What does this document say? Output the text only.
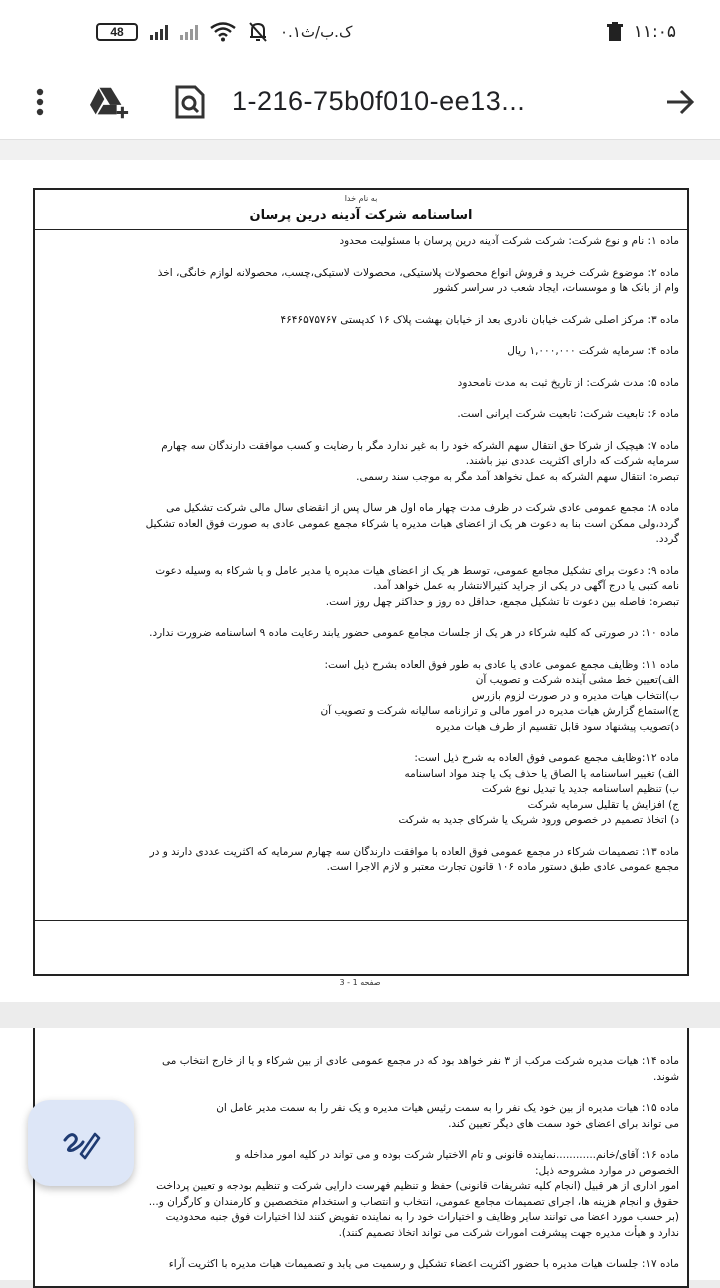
48	۰.۱ک.ب/ث	۱۱:۰۵
1-216-75b0f010-ee13...
به نام خدا
اساسنامه شرکت آدینه درین پرسان
ماده ۱: نام و نوع شرکت: شرکت شرکت آدینه درین پرسان با مسئولیت محدود
ماده ۲: موضوع شرکت خرید و فروش انواع محصولات پلاستیکی، محصولات لاستیکی،چسب، محصولانه لوازم خانگی، اخذ
وام از بانک ها و موسسات، ایجاد شعب در سراسر کشور
ماده ۳: مرکز اصلی شرکت خیابان نادری بعد از خیابان بهشت پلاک ۱۶ کدپستی ۴۶۴۶۵۷۵۷۶۷
ماده ۴: سرمایه شرکت ۱,۰۰۰,۰۰۰ ریال
ماده ۵: مدت شرکت: از تاریخ ثبت به مدت نامحدود
ماده ۶: تابعیت شرکت: تابعیت شرکت ایرانی است.
ماده ۷: هیچیک از شرکا حق انتقال سهم الشرکه خود را به غیر ندارد مگر با رضایت و کسب موافقت دارندگان سه چهارم
سرمایه شرکت که دارای اکثریت عددی نیز باشند.
تبصره: انتقال سهم الشرکه به عمل نخواهد آمد مگر به موجب سند رسمی.
ماده ۸: مجمع عمومی عادی شرکت در ظرف مدت چهار ماه اول هر سال پس از انقضای سال مالی شرکت تشکیل می
گردد،ولی ممکن است بنا به دعوت هر یک از اعضای هیات مدیره یا شرکاء مجمع عمومی عادی به صورت فوق العاده تشکیل
گردد.
ماده ۹: دعوت برای تشکیل مجامع عمومی، توسط هر یک از اعضای هیات مدیره یا مدیر عامل و یا شرکاء به وسیله دعوت
نامه کتبی یا درج آگهی در یکی از جراید کثیرالانتشار به عمل خواهد آمد.
تبصره: فاصله بین دعوت تا تشکیل مجمع، حداقل ده روز و حداکثر چهل روز است.
ماده ۱۰: در صورتی که کلیه شرکاء در هر یک از جلسات مجامع عمومی حضور یابند رعایت ماده ۹ اساسنامه ضرورت ندارد.
ماده ۱۱: وظایف مجمع عمومی عادی یا عادی به طور فوق العاده بشرح ذیل است:
الف)تعیین خط مشی آینده شرکت و تصویب آن
ب)انتخاب هیات مدیره و در صورت لزوم بازرس
ج)استماع گزارش هیات مدیره در امور مالی و ترازنامه سالیانه شرکت و تصویب آن
د)تصویب پیشنهاد سود قابل تقسیم از طرف هیات مدیره
ماده ۱۲:وظایف مجمع عمومی فوق العاده به شرح ذیل است:
الف) تغییر اساسنامه یا الصاق یا حذف یک یا چند مواد اساسنامه
ب) تنظیم اساسنامه جدید یا تبدیل نوع شرکت
ج) افزایش یا تقلیل سرمایه شرکت
د) اتخاذ تصمیم در خصوص ورود شریک یا شرکای جدید به شرکت
ماده ۱۳: تصمیمات شرکاء در مجمع عمومی فوق العاده با موافقت دارندگان سه چهارم سرمایه که اکثریت عددی دارند و در
مجمع عمومی عادی طبق دستور ماده ۱۰۶ قانون تجارت معتبر و لازم الاجرا است.
صفحه 1 - 3
ماده ۱۴: هیات مدیره شرکت مرکب از ۳ نفر خواهد بود که در مجمع عمومی عادی از بین شرکاء و یا از خارج انتخاب می
شوند.
ماده ۱۵: هیات مدیره از بین خود یک نفر را به سمت رئیس هیات مدیره و یک نفر را به سمت مدیر عامل ان
می تواند برای اعضای خود سمت های دیگر تعیین کند.
ماده ۱۶: آقای/خانم............نماینده قانونی و تام الاختیار شرکت بوده و می تواند در کلیه امور مداخله و
الخصوص در موارد مشروحه ذیل:
امور اداری از هر قبیل (انجام کلیه تشریفات قانونی) حفظ و تنظیم فهرست دارایی شرکت و تنظیم بودجه و تعیین پرداخت
حقوق و انجام هزینه ها، اجرای تصمیمات مجامع عمومی، انتخاب و انتصاب و استخدام متخصصین و کارمندان و کارگران و...
(بر حسب مورد اعضا می توانند سایر وظایف و اختیارات خود را به نماینده تفویض کنند لذا اختیارات فوق جنبه محدودیت
ندارد و هیأت مدیره جهت پیشرفت امورات شرکت می تواند اتخاذ تصمیم کنند).
ماده ۱۷: جلسات هیات مدیره با حضور اکثریت اعضاء تشکیل و رسمیت می یابد و تصمیمات هیات مدیره با اکثریت آراء
